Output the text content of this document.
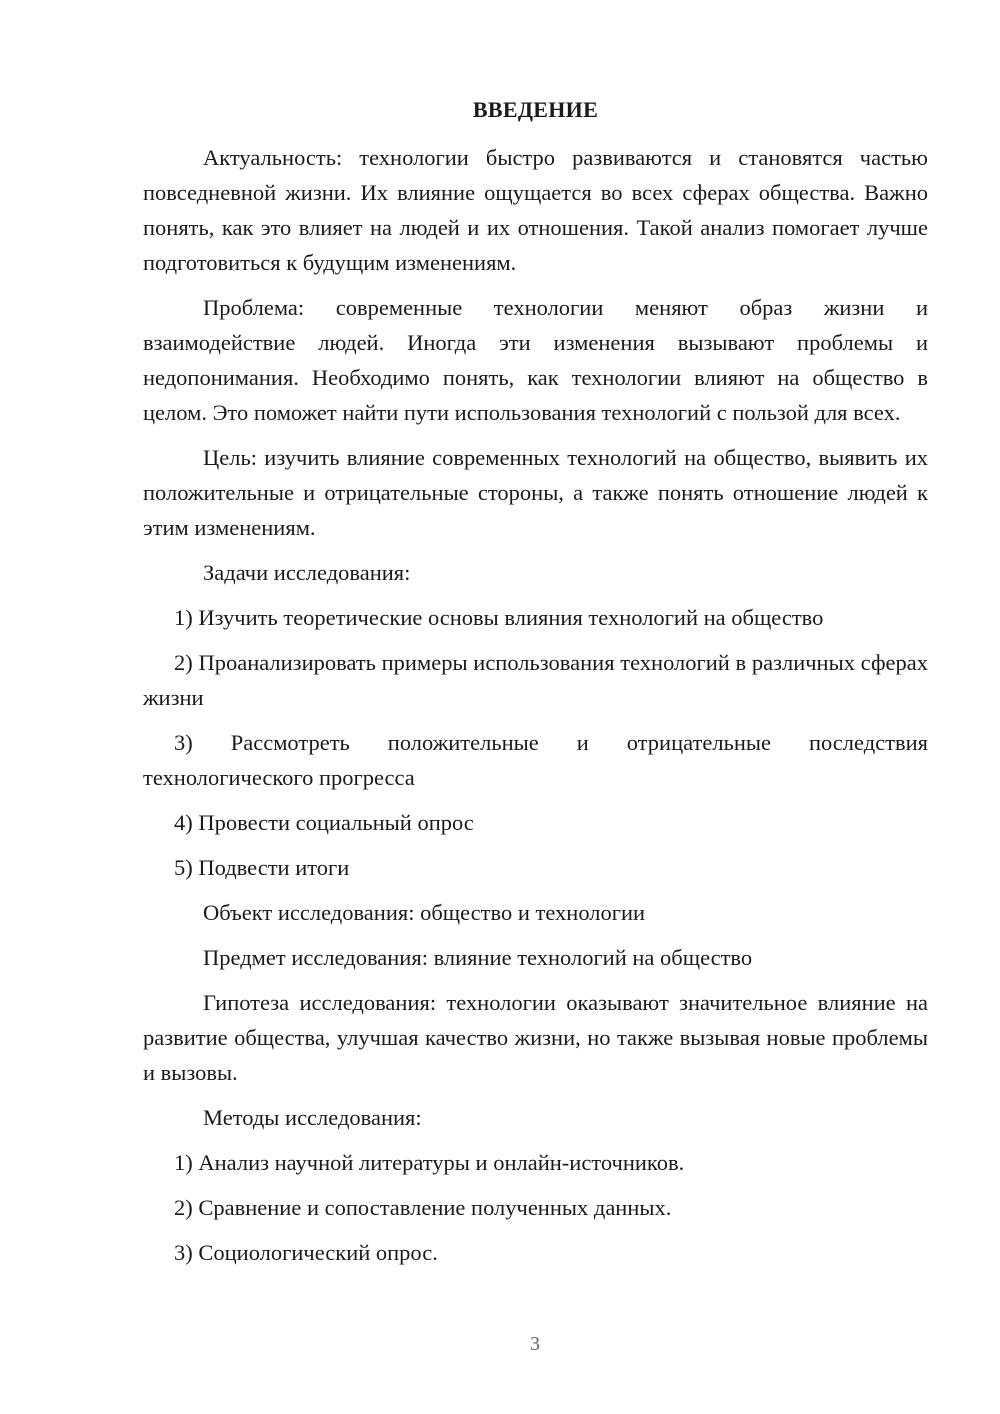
ВВЕДЕНИЕ

Актуальность: технологии быстро развиваются и становятся частью повседневной жизни. Их влияние ощущается во всех сферах общества. Важно понять, как это влияет на людей и их отношения. Такой анализ помогает лучше подготовиться к будущим изменениям.

Проблема: современные технологии меняют образ жизни и взаимодействие людей. Иногда эти изменения вызывают проблемы и недопонимания. Необходимо понять, как технологии влияют на общество в целом. Это поможет найти пути использования технологий с пользой для всех.

Цель: изучить влияние современных технологий на общество, выявить их положительные и отрицательные стороны, а также понять отношение людей к этим изменениям.

Задачи исследования:

1) Изучить теоретические основы влияния технологий на общество

2) Проанализировать примеры использования технологий в различных сферах жизни

3) Рассмотреть положительные и отрицательные последствия технологического прогресса

4) Провести социальный опрос

5) Подвести итоги

Объект исследования: общество и технологии

Предмет исследования: влияние технологий на общество

Гипотеза исследования: технологии оказывают значительное влияние на развитие общества, улучшая качество жизни, но также вызывая новые проблемы и вызовы.

Методы исследования:

1) Анализ научной литературы и онлайн-источников.

2) Сравнение и сопоставление полученных данных.

3) Социологический опрос.

3
